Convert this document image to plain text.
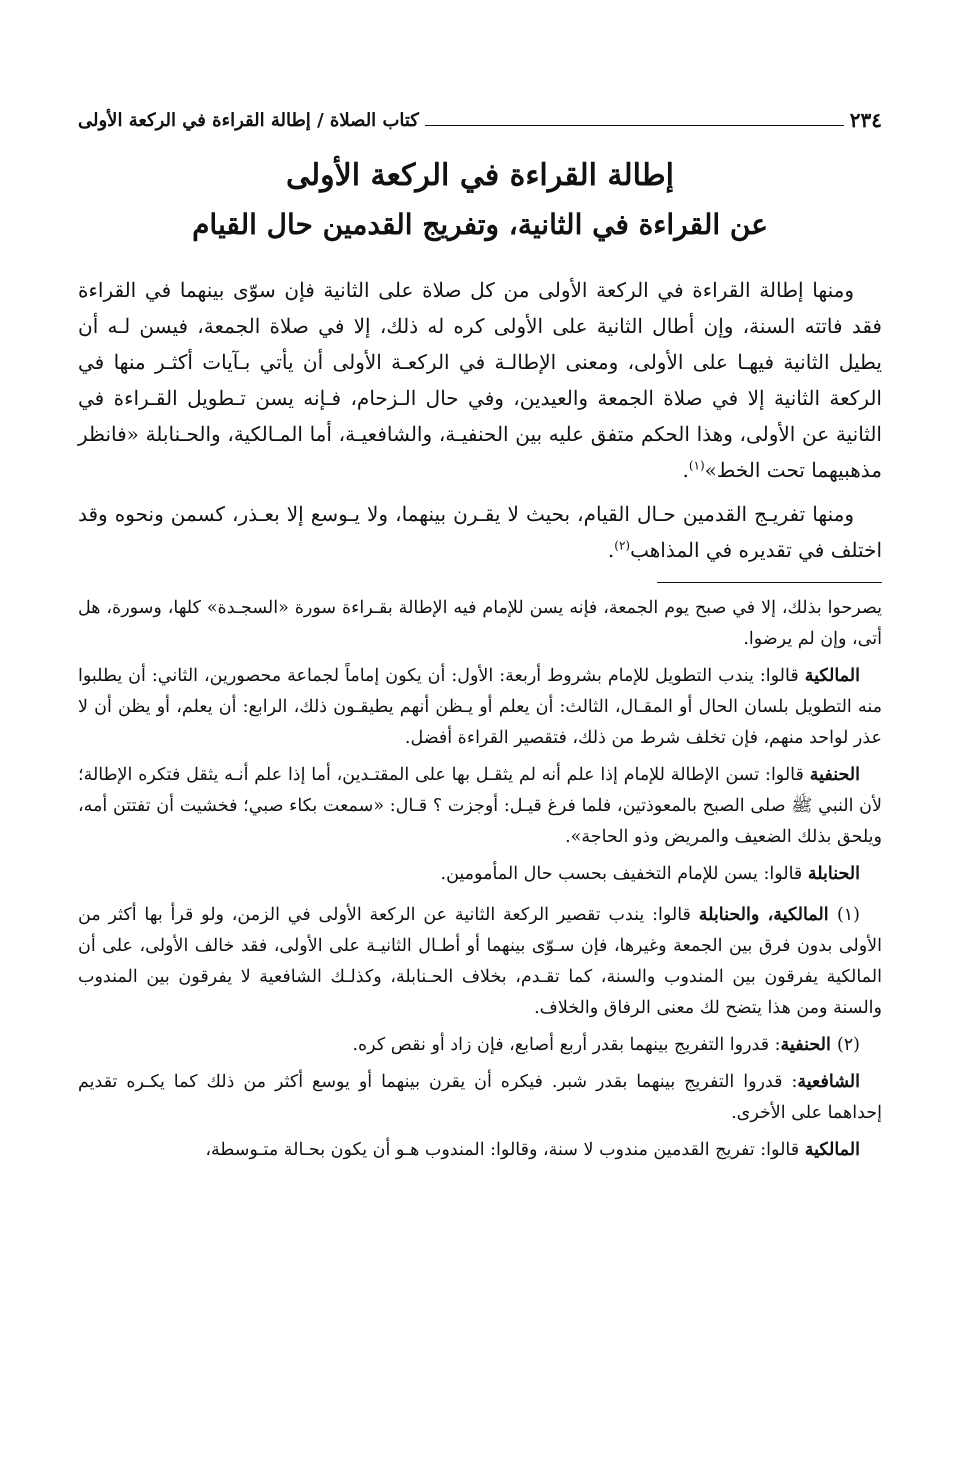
٢٣٤
كتاب الصلاة / إطالة القراءة في الركعة الأولى
إطالة القراءة في الركعة الأولى
عن القراءة في الثانية، وتفريج القدمين حال القيام

ومنها إطالة القراءة في الركعة الأولى من كل صلاة على الثانية فإن سوّى بينهما في القراءة فقد فاتته السنة، وإن أطال الثانية على الأولى كره له ذلك، إلا في صلاة الجمعة، فيسن لـه أن يطيل الثانية فيهـا على الأولى، ومعنى الإطالـة في الركعـة الأولى أن يأتي بـآيات أكثـر منها في الركعة الثانية إلا في صلاة الجمعة والعيدين، وفي حال الـزحام، فـإنه يسن تـطويل القـراءة في الثانية عن الأولى، وهذا الحكم متفق عليه بين الحنفيـة، والشافعيـة، أما المـالكية، والحـنابلة «فانظر مذهبيهما تحت الخط»$^{(١)}$.

ومنها تفريـج القدمين حـال القيام، بحيث لا يقـرن بينهما، ولا يـوسع إلا بعـذر، كسمن ونحوه وقد اختلف في تقديره في المذاهب$^{(٢)}$.

يصرحوا بذلك، إلا في صبح يوم الجمعة، فإنه يسن للإمام فيه الإطالة بقـراءة سورة «السجـدة» كلها، وسورة، هل أتى، وإن لم يرضوا.

المالكية قالوا: يندب التطويل للإمام بشروط أربعة: الأول: أن يكون إماماً لجماعة محصورين، الثاني: أن يطلبوا منه التطويل بلسان الحال أو المقـال، الثالث: أن يعلم أو يـظن أنهم يطيقـون ذلك، الرابع: أن يعلم، أو يظن أن لا عذر لواحد منهم، فإن تخلف شرط من ذلك، فتقصير القراءة أفضل.

الحنفية قالوا: تسن الإطالة للإمام إذا علم أنه لم يثقـل بها على المقتـدين، أما إذا علم أنـه يثقل فتكره الإطالة؛ لأن النبي ﷺ صلى الصبح بالمعوذتين، فلما فرغ قيـل: أوجزت ؟ قـال: «سمعت بكاء صبي؛ فخشيت أن تفتتن أمه، ويلحق بذلك الضعيف والمريض وذو الحاجة».

الحنابلة قالوا: يسن للإمام التخفيف بحسب حال المأمومين.

(١) المالكية، والحنابلة قالوا: يندب تقصير الركعة الثانية عن الركعة الأولى في الزمن، ولو قرأ بها أكثر من الأولى بدون فرق بين الجمعة وغيرها، فإن سـوّى بينهما أو أطـال الثانيـة على الأولى، فقد خالف الأولى، على أن المالكية يفرقون بين المندوب والسنة، كما تقـدم، بخلاف الحـنابلة، وكذلـك الشافعية لا يفرقون بين المندوب والسنة ومن هذا يتضح لك معنى الرفاق والخلاف.

(٢) الحنفية: قدروا التفريج بينهما بقدر أربع أصابع، فإن زاد أو نقص كره.

الشافعية: قدروا التفريج بينهما بقدر شبر. فيكره أن يقرن بينهما أو يوسع أكثر من ذلك كما يكـره تقديم إحداهما على الأخرى.

المالكية قالوا: تفريج القدمين مندوب لا سنة، وقالوا: المندوب هـو أن يكون بحـالة متـوسطة،
